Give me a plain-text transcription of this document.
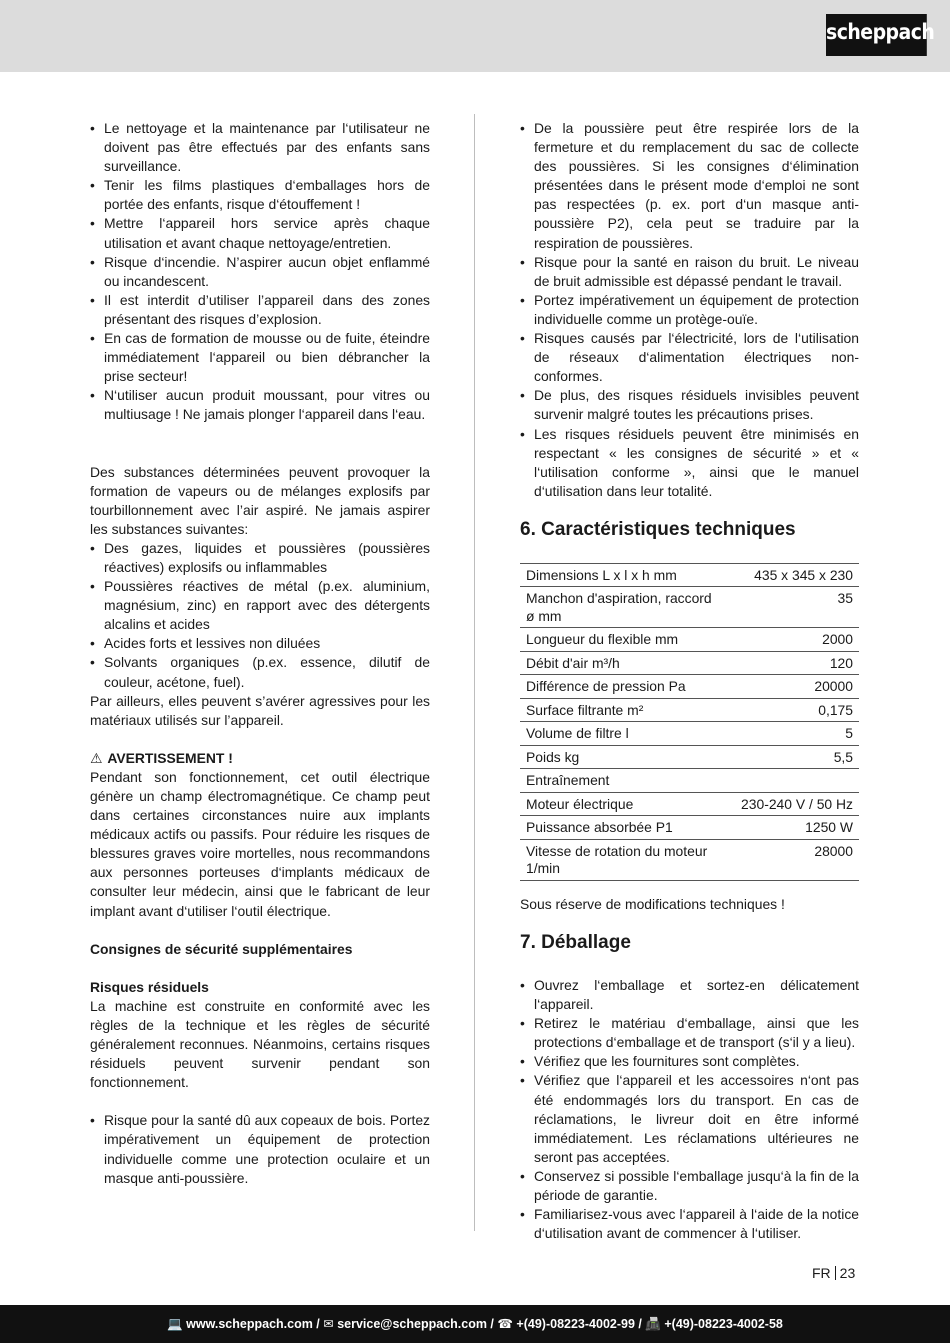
scheppach
• Le nettoyage et la maintenance par l‘utilisateur ne doivent pas être effectués par des enfants sans surveillance.
• Tenir les films plastiques d‘emballages hors de portée des enfants, risque d‘étouffement !
• Mettre l‘appareil hors service après chaque utilisation et avant chaque nettoyage/entretien.
• Risque d‘incendie. N’aspirer aucun objet enflammé ou incandescent.
• Il est interdit d’utiliser l’appareil dans des zones présentant des risques d’explosion.
• En cas de formation de mousse ou de fuite, éteindre immédiatement l‘appareil ou bien débrancher la prise secteur!
• N‘utiliser aucun produit moussant, pour vitres ou multiusage ! Ne jamais plonger l‘appareil dans l‘eau.

Des substances déterminées peuvent provoquer la formation de vapeurs ou de mélanges explosifs par tourbillonnement avec l’air aspiré. Ne jamais aspirer les substances suivantes:

• Des gazes, liquides et poussières (poussières réactives) explosifs ou inflammables
• Poussières réactives de métal (p.ex. aluminium, magnésium, zinc) en rapport avec des détergents alcalins et acides
• Acides forts et lessives non diluées
• Solvants organiques (p.ex. essence, dilutif de couleur, acétone, fuel).

Par ailleurs, elles peuvent s’avérer agressives pour les matériaux utilisés sur l’appareil.

⚠ AVERTISSEMENT !

Pendant son fonctionnement, cet outil électrique génère un champ électromagnétique. Ce champ peut dans certaines circonstances nuire aux implants médicaux actifs ou passifs. Pour réduire les risques de blessures graves voire mortelles, nous recommandons aux personnes porteuses d‘implants médicaux de consulter leur médecin, ainsi que le fabricant de leur implant avant d‘utiliser l‘outil électrique.

Consignes de sécurité supplémentaires

Risques résiduels

La machine est construite en conformité avec les règles de la technique et les règles de sécurité généralement reconnues. Néanmoins, certains risques résiduels peuvent survenir pendant son fonctionnement.

• Risque pour la santé dû aux copeaux de bois. Portez impérativement un équipement de protection individuelle comme une protection oculaire et un masque anti-poussière.
• De la poussière peut être respirée lors de la fermeture et du remplacement du sac de collecte des poussières. Si les consignes d‘élimination présentées dans le présent mode d‘emploi ne sont pas respectées (p. ex. port d‘un masque anti-poussière P2), cela peut se traduire par la respiration de poussières.
• Risque pour la santé en raison du bruit. Le niveau de bruit admissible est dépassé pendant le travail.
• Portez impérativement un équipement de protection individuelle comme un protège-ouïe.
• Risques causés par l‘électricité, lors de l‘utilisation de réseaux d‘alimentation électriques non-conformes.
• De plus, des risques résiduels invisibles peuvent survenir malgré toutes les précautions prises.
• Les risques résiduels peuvent être minimisés en respectant « les consignes de sécurité » et « l‘utilisation conforme », ainsi que le manuel d‘utilisation dans leur totalité.
6. Caractéristiques techniques
Dimensions L x l x h mm	435 x 345 x 230
Manchon d'aspiration, raccord ø mm	35
Longueur du flexible mm	2000
Débit d'air m³/h	120
Différence de pression Pa	20000
Surface filtrante m²	0,175
Volume de filtre l	5
Poids kg	5,5
Entraînement	
Moteur électrique	230-240 V / 50 Hz
Puissance absorbée P1	1250 W
Vitesse de rotation du moteur 1/min	28000

Sous réserve de modifications techniques !

7. Déballage
• Ouvrez l‘emballage et sortez-en délicatement l‘appareil.
• Retirez le matériau d‘emballage, ainsi que les protections d‘emballage et de transport (s‘il y a lieu).
• Vérifiez que les fournitures sont complètes.
• Vérifiez que l‘appareil et les accessoires n‘ont pas été endommagés lors du transport. En cas de réclamations, le livreur doit en être informé immédiatement. Les réclamations ultérieures ne seront pas acceptées.
• Conservez si possible l‘emballage jusqu‘à la fin de la période de garantie.
• Familiarisez-vous avec l‘appareil à l‘aide de la notice d‘utilisation avant de commencer à l‘utiliser.
FR 23
💻 www.scheppach.com / ✉ service@scheppach.com / ☎ +(49)-08223-4002-99 / 📠 +(49)-08223-4002-58
